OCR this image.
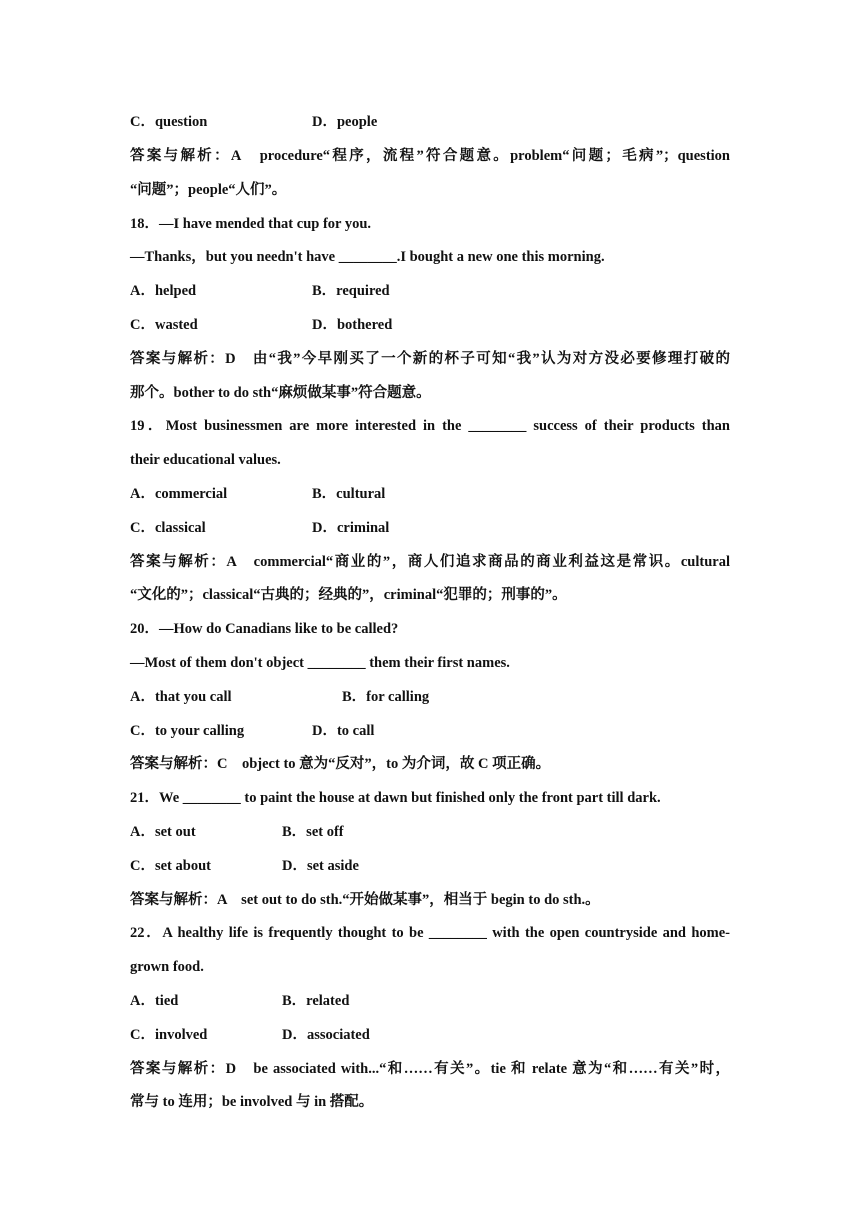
C．question	D．people
答案与解析：A　procedure“程序，流程”符合题意。problem“问题；毛病”；question
“问题”；people“人们”。
18．—I have mended that cup for you.
—Thanks，but you needn't have ________.I bought a new one this morning.
A．helped	B．required
C．wasted	D．bothered
答案与解析：D　由“我”今早刚买了一个新的杯子可知“我”认为对方没必要修理打破的
那个。bother to do sth“麻烦做某事”符合题意。
19．Most businessmen are more interested in the ________ success of their products than
their educational values.
A．commercial	B．cultural
C．classical	D．criminal
答案与解析：A　commercial“商业的”，商人们追求商品的商业利益这是常识。cultural
“文化的”；classical“古典的；经典的”，criminal“犯罪的；刑事的”。
20．—How do Canadians like to be called?
—Most of them don't object ________ them their first names.
A．that you call	B．for calling
C．to your calling	D．to call
答案与解析：C　object to 意为“反对”，to 为介词，故 C 项正确。
21．We ________ to paint the house at dawn but finished only the front part till dark.
A．set out	B．set off
C．set about	D．set aside
答案与解析：A　set out to do sth.“开始做某事”，相当于 begin to do sth.。
22．A healthy life is frequently thought to be ________ with the open countryside and home-
grown food.
A．tied	B．related
C．involved	D．associated
答案与解析：D　be associated with...“和……有关”。tie 和 relate 意为“和……有关”时，
常与 to 连用；be involved 与 in 搭配。
